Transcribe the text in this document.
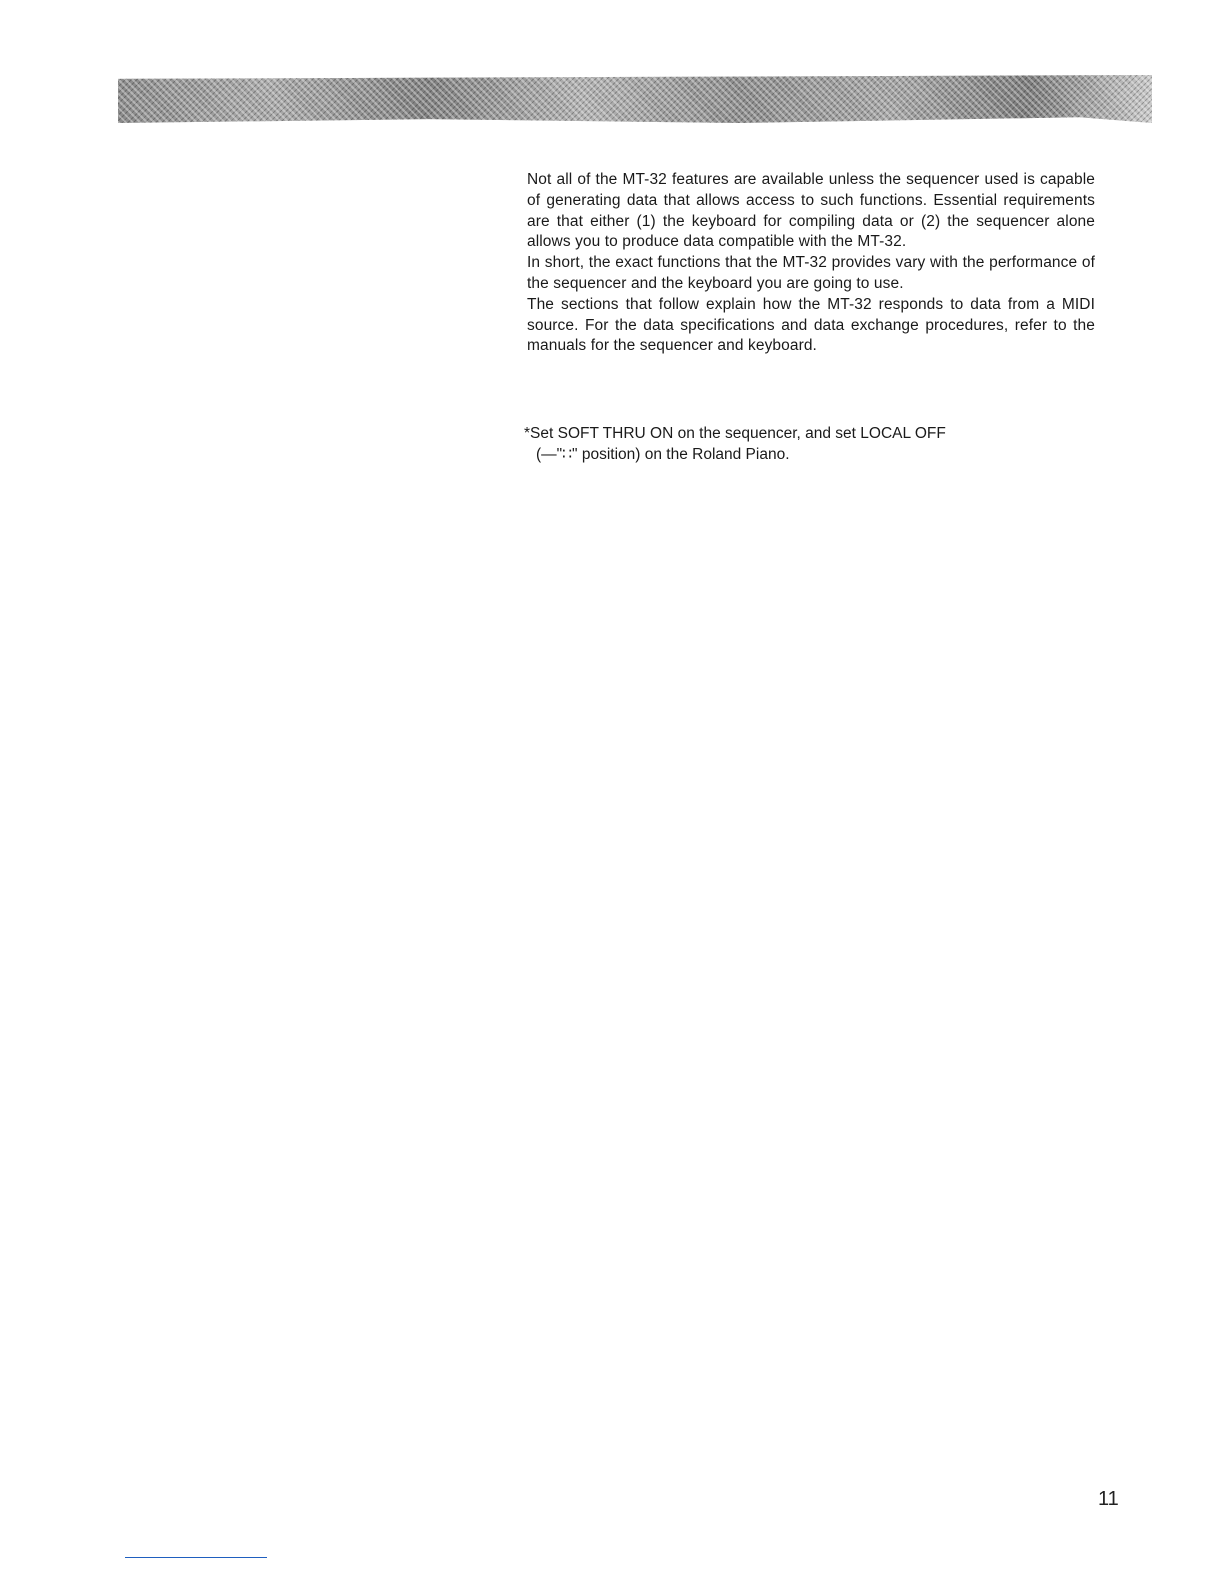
Not all of the MT-32 features are available unless the sequencer used is capable of generating data that allows access to such functions. Essential requirements are that either (1) the keyboard for compiling data or (2) the sequencer alone allows you to produce data compatible with the MT-32.

In short, the exact functions that the MT-32 provides vary with the performance of the sequencer and the keyboard you are going to use.

The sections that follow explain how the MT-32 responds to data from a MIDI source. For the data specifications and data exchange procedures, refer to the manuals for the sequencer and keyboard.

*Set SOFT THRU ON on the sequencer, and set LOCAL OFF
(—"∷" position) on the Roland Piano.
11
